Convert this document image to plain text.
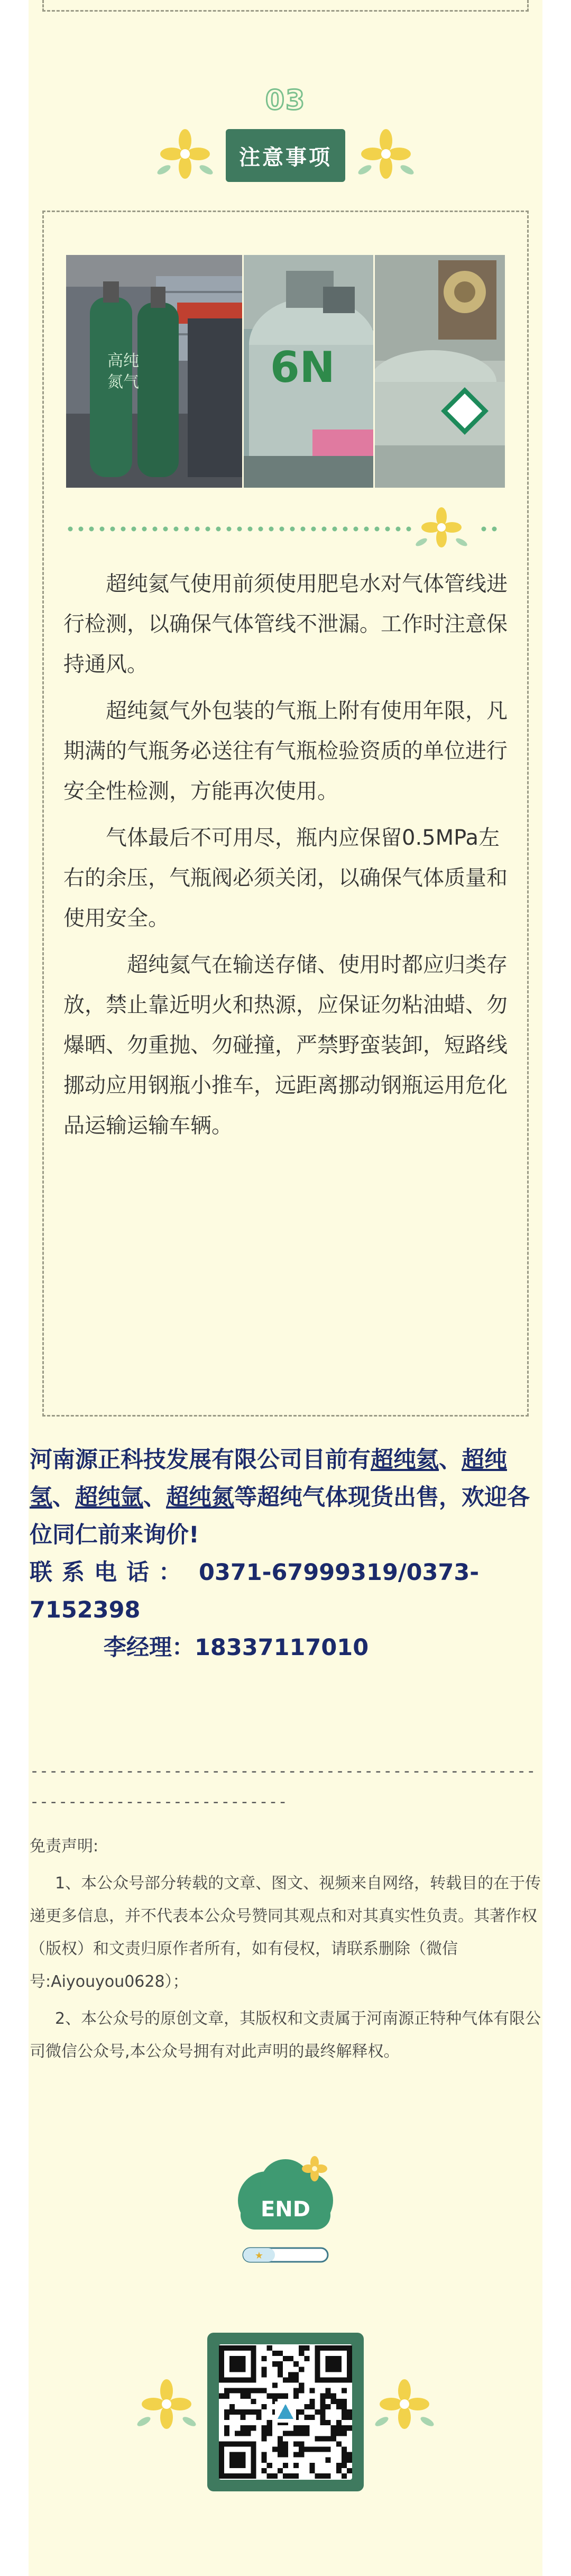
03
注意事项
高纯
氮气	6N

超纯氦气使用前须使用肥皂水对气体管线进行检测，以确保气体管线不泄漏。工作时注意保持通风。

超纯氦气外包装的气瓶上附有使用年限，凡期满的气瓶务必送往有气瓶检验资质的单位进行安全性检测，方能再次使用。

气体最后不可用尽，瓶内应保留0.5MPa左右的余压，气瓶阀必须关闭，以确保气体质量和使用安全。

超纯氦气在输送存储、使用时都应归类存放，禁止靠近明火和热源，应保证勿粘油蜡、勿爆晒、勿重抛、勿碰撞，严禁野蛮装卸，短路线挪动应用钢瓶小推车，远距离挪动钢瓶运用危化品运输运输车辆。

河南源正科技发展有限公司目前有超纯氦、超纯氢、超纯氩、超纯氮等超纯气体现货出售，欢迎各位同仁前来询价!
联系电话： 0371-67999319/0373-7152398
李经理：18337117010
--------------------------------------------------------------------------------

免责声明:

1、本公众号部分转载的文章、图文、视频来自网络，转载目的在于传递更多信息，并不代表本公众号赞同其观点和对其真实性负责。其著作权（版权）和文责归原作者所有，如有侵权，请联系删除（微信号:Aiyouyou0628）；

2、本公众号的原创文章，其版权和文责属于河南源正特种气体有限公司微信公众号,本公众号拥有对此声明的最终解释权。

END
★
